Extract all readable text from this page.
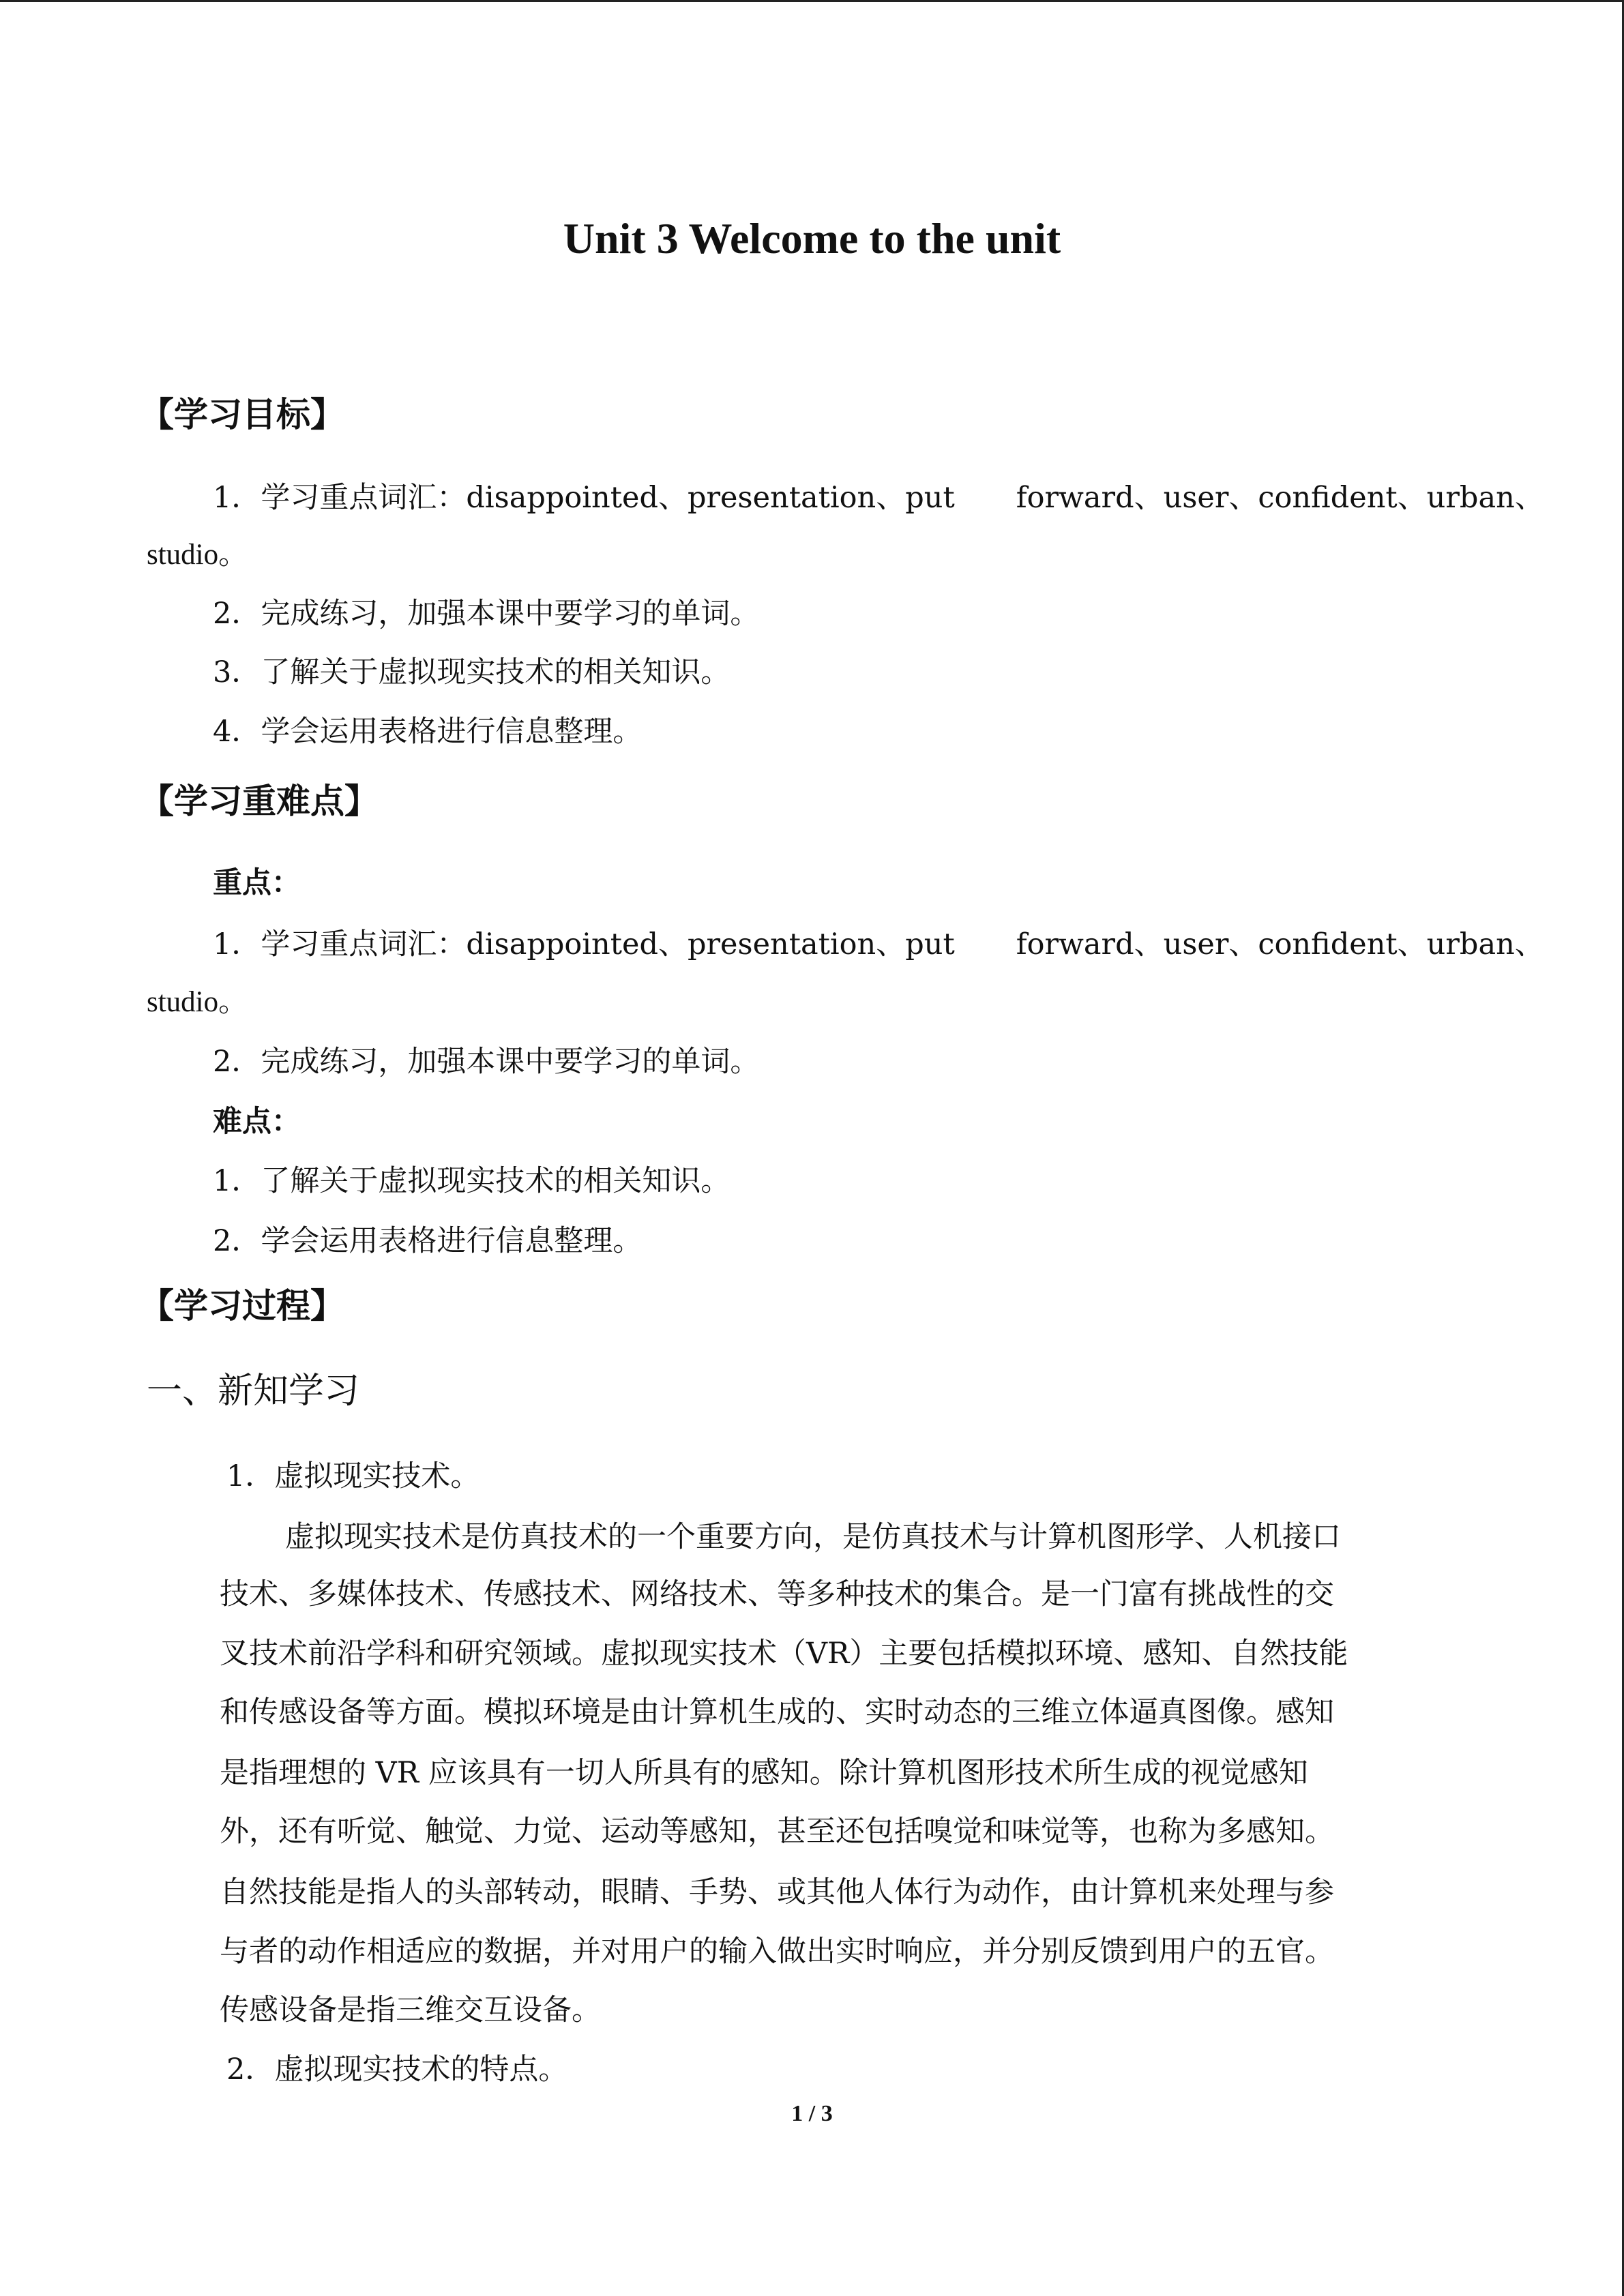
Unit 3 Welcome to the unit
【学习目标】
1．学习重点词汇：disappointed、presentation、put forward、user、confident、urban、
studio。
2．完成练习，加强本课中要学习的单词。
3．了解关于虚拟现实技术的相关知识。
4．学会运用表格进行信息整理。
【学习重难点】
重点：
1．学习重点词汇：disappointed、presentation、put forward、user、confident、urban、
studio。
2．完成练习，加强本课中要学习的单词。
难点：
1．了解关于虚拟现实技术的相关知识。
2．学会运用表格进行信息整理。
【学习过程】
一、新知学习
1．虚拟现实技术。
虚拟现实技术是仿真技术的一个重要方向，是仿真技术与计算机图形学、人机接口
技术、多媒体技术、传感技术、网络技术、等多种技术的集合。是一门富有挑战性的交
叉技术前沿学科和研究领域。虚拟现实技术（VR）主要包括模拟环境、感知、自然技能
和传感设备等方面。模拟环境是由计算机生成的、实时动态的三维立体逼真图像。感知
是指理想的 VR 应该具有一切人所具有的感知。除计算机图形技术所生成的视觉感知
外，还有听觉、触觉、力觉、运动等感知，甚至还包括嗅觉和味觉等，也称为多感知。
自然技能是指人的头部转动，眼睛、手势、或其他人体行为动作，由计算机来处理与参
与者的动作相适应的数据，并对用户的输入做出实时响应，并分别反馈到用户的五官。
传感设备是指三维交互设备。
2．虚拟现实技术的特点。
1 / 3
